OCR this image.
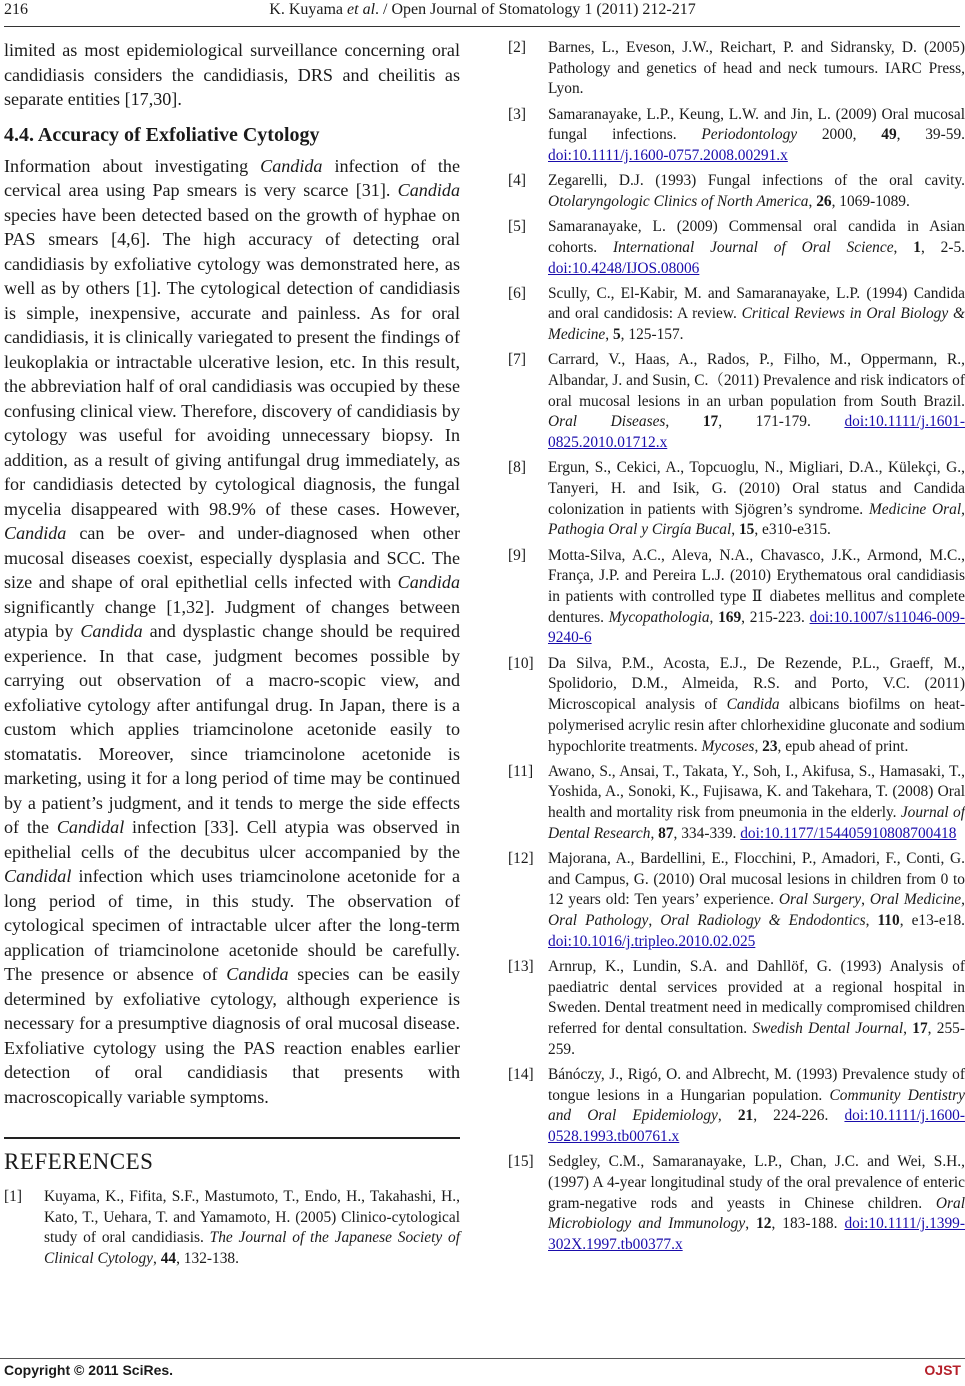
216	K. Kuyama et al. / Open Journal of Stomatology 1 (2011) 212-217

limited as most epidemiological surveillance concerning oral candidiasis considers the candidiasis, DRS and cheilitis as separate entities [17,30].

4.4. Accuracy of Exfoliative Cytology

Information about investigating Candida infection of the cervical area using Pap smears is very scarce [31]. Candida species have been detected based on the growth of hyphae on PAS smears [4,6]. The high accuracy of detecting oral candidiasis by exfoliative cytology was demonstrated here, as well as by others [1]. The cytological detection of candidiasis is simple, inexpensive, accurate and painless. As for oral candidiasis, it is clinically variegated to present the findings of leukoplakia or intractable ulcerative lesion, etc. In this result, the abbreviation half of oral candidiasis was occupied by these confusing clinical view. Therefore, discovery of candidiasis by cytology was useful for avoiding unnecessary biopsy. In addition, as a result of giving antifungal drug immediately, as for candidiasis detected by cytological diagnosis, the fungal mycelia disappeared with 98.9% of these cases. However, Candida can be over- and under-diagnosed when other mucosal diseases coexist, especially dysplasia and SCC. The size and shape of oral epithetlial cells infected with Candida significantly change [1,32]. Judgment of changes between atypia by Candida and dysplastic change should be required experience. In that case, judgment becomes possible by carrying out observation of a macro-scopic view, and exfoliative cytology after antifungal drug. In Japan, there is a custom which applies triamcinolone acetonide easily to stomatatis. Moreover, since triamcinolone acetonide is marketing, using it for a long period of time may be continued by a patient’s judgment, and it tends to merge the side effects of the Candidal infection [33]. Cell atypia was observed in epithelial cells of the decubitus ulcer accompanied by the Candidal infection which uses triamcinolone acetonide for a long period of time, in this study. The observation of cytological specimen of intractable ulcer after the long-term application of triamcinolone acetonide should be carefully. The presence or absence of Candida species can be easily determined by exfoliative cytology, although experience is necessary for a presumptive diagnosis of oral mucosal disease. Exfoliative cytology using the PAS reaction enables earlier detection of oral candidiasis that presents with macroscopically variable symptoms.

REFERENCES
[1]	Kuyama, K., Fifita, S.F., Mastumoto, T., Endo, H., Takahashi, H., Kato, T., Uehara, T. and Yamamoto, H. (2005) Clinico-cytological study of oral candidiasis. The Journal of the Japanese Society of Clinical Cytology, 44, 132-138.
[2]	Barnes, L., Eveson, J.W., Reichart, P. and Sidransky, D. (2005) Pathology and genetics of head and neck tumours. IARC Press, Lyon.
[3]	Samaranayake, L.P., Keung, L.W. and Jin, L. (2009) Oral mucosal fungal infections. Periodontology 2000, 49, 39-59. doi:10.1111/j.1600-0757.2008.00291.x
[4]	Zegarelli, D.J. (1993) Fungal infections of the oral cavity. Otolaryngologic Clinics of North America, 26, 1069-1089.
[5]	Samaranayake, L. (2009) Commensal oral candida in Asian cohorts. International Journal of Oral Science, 1, 2-5. doi:10.4248/IJOS.08006
[6]	Scully, C., El-Kabir, M. and Samaranayake, L.P. (1994) Candida and oral candidosis: A review. Critical Reviews in Oral Biology & Medicine, 5, 125-157.
[7]	Carrard, V., Haas, A., Rados, P., Filho, M., Oppermann, R., Albandar, J. and Susin, C.（2011) Prevalence and risk indicators of oral mucosal lesions in an urban population from South Brazil. Oral Diseases, 17, 171-179. doi:10.1111/j.1601-0825.2010.01712.x
[8]	Ergun, S., Cekici, A., Topcuoglu, N., Migliari, D.A., Külekçi, G., Tanyeri, H. and Isik, G. (2010) Oral status and Candida colonization in patients with Sjögren’s syndrome. Medicine Oral, Pathogia Oral y Cirgía Bucal, 15, e310-e315.
[9]	Motta-Silva, A.C., Aleva, N.A., Chavasco, J.K., Armond, M.C., França, J.P. and Pereira L.J. (2010) Erythematous oral candidiasis in patients with controlled type Ⅱ diabetes mellitus and complete dentures. Mycopathologia, 169, 215-223. doi:10.1007/s11046-009-9240-6
[10] Da Silva, P.M., Acosta, E.J., De Rezende, P.L., Graeff, M., Spolidorio, D.M., Almeida, R.S. and Porto, V.C. (2011) Microscopical analysis of Candida albicans biofilms on heat-polymerised acrylic resin after chlorhexidine gluconate and sodium hypochlorite treatments. Mycoses, 23, epub ahead of print.
[11] Awano, S., Ansai, T., Takata, Y., Soh, I., Akifusa, S., Hamasaki, T., Yoshida, A., Sonoki, K., Fujisawa, K. and Takehara, T. (2008) Oral health and mortality risk from pneumonia in the elderly. Journal of Dental Research, 87, 334-339. doi:10.1177/154405910808700418
[12] Majorana, A., Bardellini, E., Flocchini, P., Amadori, F., Conti, G. and Campus, G. (2010) Oral mucosal lesions in children from 0 to 12 years old: Ten years’ experience. Oral Surgery, Oral Medicine, Oral Pathology, Oral Radiology & Endodontics, 110, e13-e18. doi:10.1016/j.tripleo.2010.02.025
[13] Arnrup, K., Lundin, S.A. and Dahllöf, G. (1993) Analysis of paediatric dental services provided at a regional hospital in Sweden. Dental treatment need in medically compromised children referred for dental consultation. Swedish Dental Journal, 17, 255-259.
[14] Bánóczy, J., Rigó, O. and Albrecht, M. (1993) Prevalence study of tongue lesions in a Hungarian population. Community Dentistry and Oral Epidemiology, 21, 224-226. doi:10.1111/j.1600-0528.1993.tb00761.x
[15] Sedgley, C.M., Samaranayake, L.P., Chan, J.C. and Wei, S.H., (1997) A 4-year longitudinal study of the oral prevalence of enteric gram-negative rods and yeasts in Chinese children. Oral Microbiology and Immunology, 12, 183-188. doi:10.1111/j.1399-302X.1997.tb00377.x
Copyright © 2011 SciRes.	OJST
